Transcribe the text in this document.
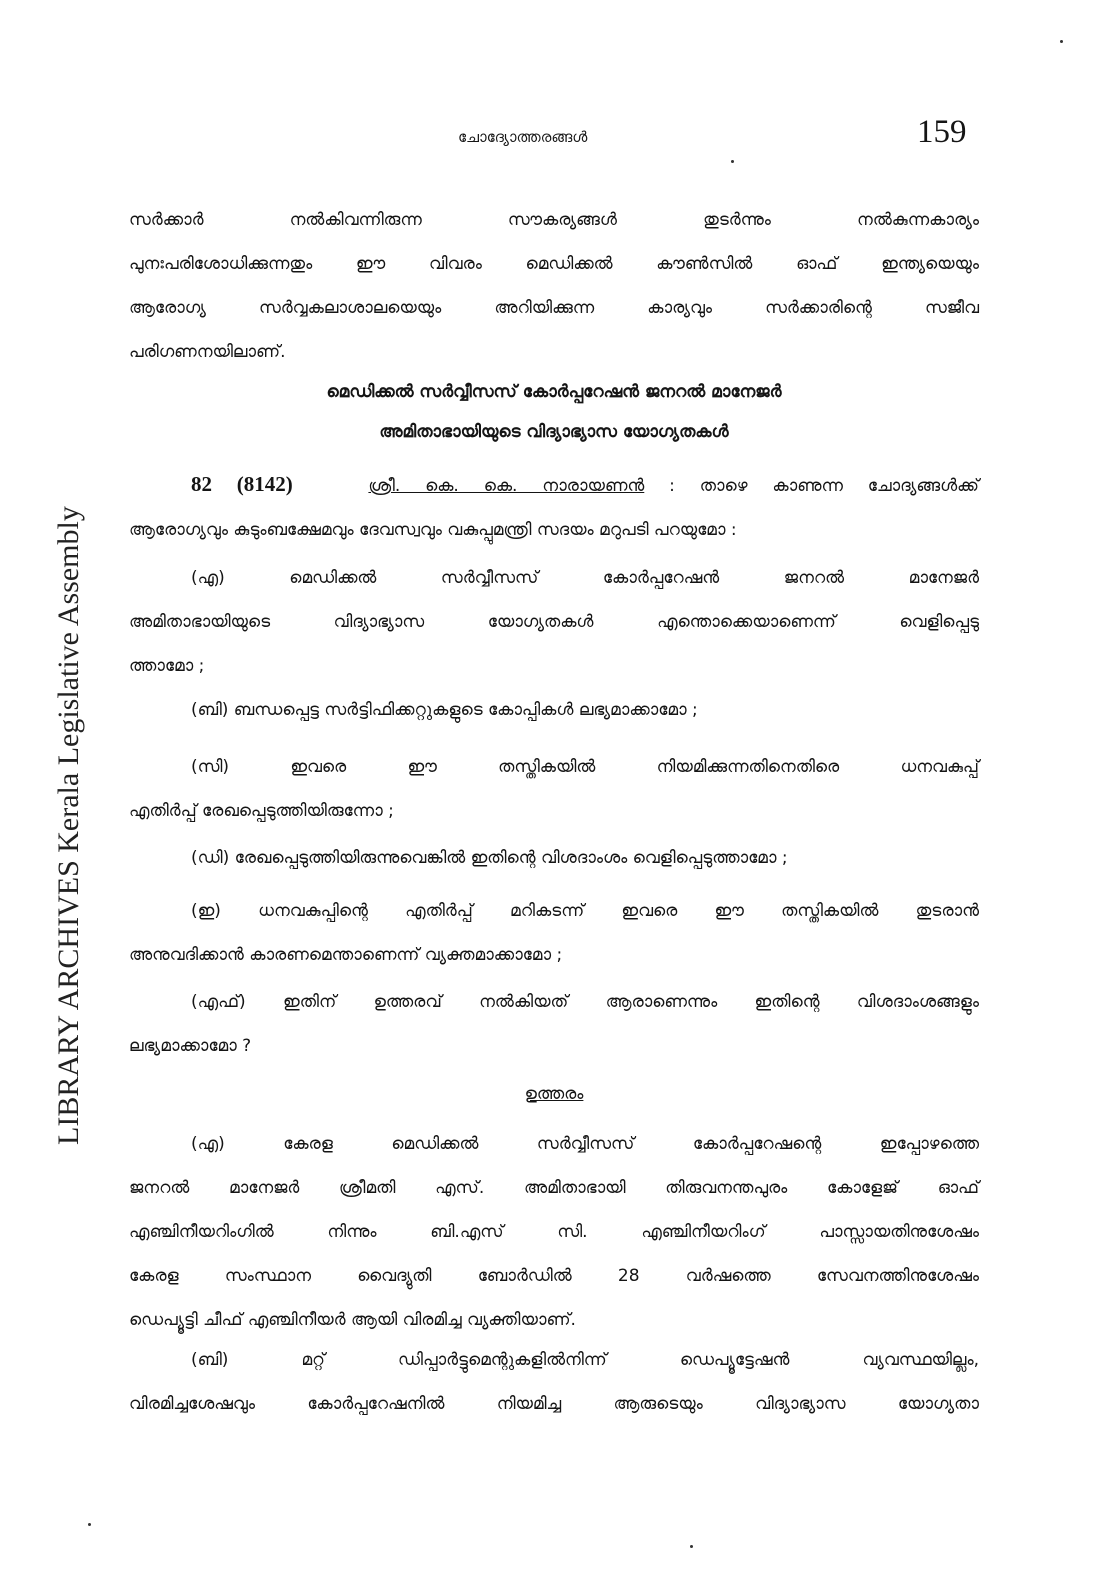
LIBRARY ARCHIVES Kerala Legislative Assembly
ചോദ്യോത്തരങ്ങൾ	159

സർക്കാർ നൽകിവന്നിരുന്ന സൗകര്യങ്ങൾ തുടർന്നും നൽകുന്നകാര്യം

പുനഃപരിശോധിക്കുന്നതും ഈ വിവരം മെഡിക്കൽ കൗൺസിൽ ഓഫ് ഇന്ത്യയെയും

ആരോഗ്യ സർവ്വകലാശാലയെയും അറിയിക്കുന്ന കാര്യവും സർക്കാരിന്റെ സജീവ

പരിഗണനയിലാണ്.

മെഡിക്കൽ സർവ്വീസസ് കോർപ്പറേഷൻ ജനറൽ മാനേജർ
അമിതാഭായിയുടെ വിദ്യാഭ്യാസ യോഗ്യതകൾ

82 (8142)	ശ്രീ. കെ. കെ. നാരായണൻ : താഴെ കാണുന്ന ചോദ്യങ്ങൾക്ക്

ആരോഗ്യവും കുടുംബക്ഷേമവും ദേവസ്വവും വകുപ്പുമന്ത്രി സദയം മറുപടി പറയുമോ :

(എ) മെഡിക്കൽ സർവ്വീസസ് കോർപ്പറേഷൻ ജനറൽ മാനേജർ

അമിതാഭായിയുടെ വിദ്യാഭ്യാസ യോഗ്യതകൾ എന്തൊക്കെയാണെന്ന് വെളിപ്പെടു

ത്താമോ ;

(ബി) ബന്ധപ്പെട്ട സർട്ടിഫിക്കറ്റുകളുടെ കോപ്പികൾ ലഭ്യമാക്കാമോ ;

(സി) ഇവരെ ഈ തസ്തികയിൽ നിയമിക്കുന്നതിനെതിരെ ധനവകുപ്പ്

എതിർപ്പ് രേഖപ്പെടുത്തിയിരുന്നോ ;

(ഡി) രേഖപ്പെടുത്തിയിരുന്നുവെങ്കിൽ ഇതിന്റെ വിശദാംശം വെളിപ്പെടുത്താമോ ;

(ഇ) ധനവകുപ്പിന്റെ എതിർപ്പ് മറികടന്ന് ഇവരെ ഈ തസ്തികയിൽ തുടരാൻ

അനുവദിക്കാൻ കാരണമെന്താണെന്ന് വ്യക്തമാക്കാമോ ;

(എഫ്) ഇതിന് ഉത്തരവ് നൽകിയത് ആരാണെന്നും ഇതിന്റെ വിശദാംശങ്ങളും

ലഭ്യമാക്കാമോ ?

ഉത്തരം

(എ) കേരള മെഡിക്കൽ സർവ്വീസസ് കോർപ്പറേഷന്റെ ഇപ്പോഴത്തെ

ജനറൽ മാനേജർ ശ്രീമതി എസ്. അമിതാഭായി തിരുവനന്തപുരം കോളേജ് ഓഫ്

എഞ്ചിനീയറിംഗിൽ നിന്നും ബി.എസ് സി. എഞ്ചിനീയറിംഗ് പാസ്സായതിനുശേഷം

കേരള സംസ്ഥാന വൈദ്യുതി ബോർഡിൽ 28 വർഷത്തെ സേവനത്തിനുശേഷം

ഡെപ്യൂട്ടി ചീഫ് എഞ്ചിനീയർ ആയി വിരമിച്ച വ്യക്തിയാണ്.

(ബി) മറ്റ് ഡിപ്പാർട്ടുമെന്റുകളിൽനിന്ന് ഡെപ്യൂട്ടേഷൻ വ്യവസ്ഥയില്ലം,

വിരമിച്ചശേഷവും കോർപ്പറേഷനിൽ നിയമിച്ച ആരുടെയും വിദ്യാഭ്യാസ യോഗ്യതാ
